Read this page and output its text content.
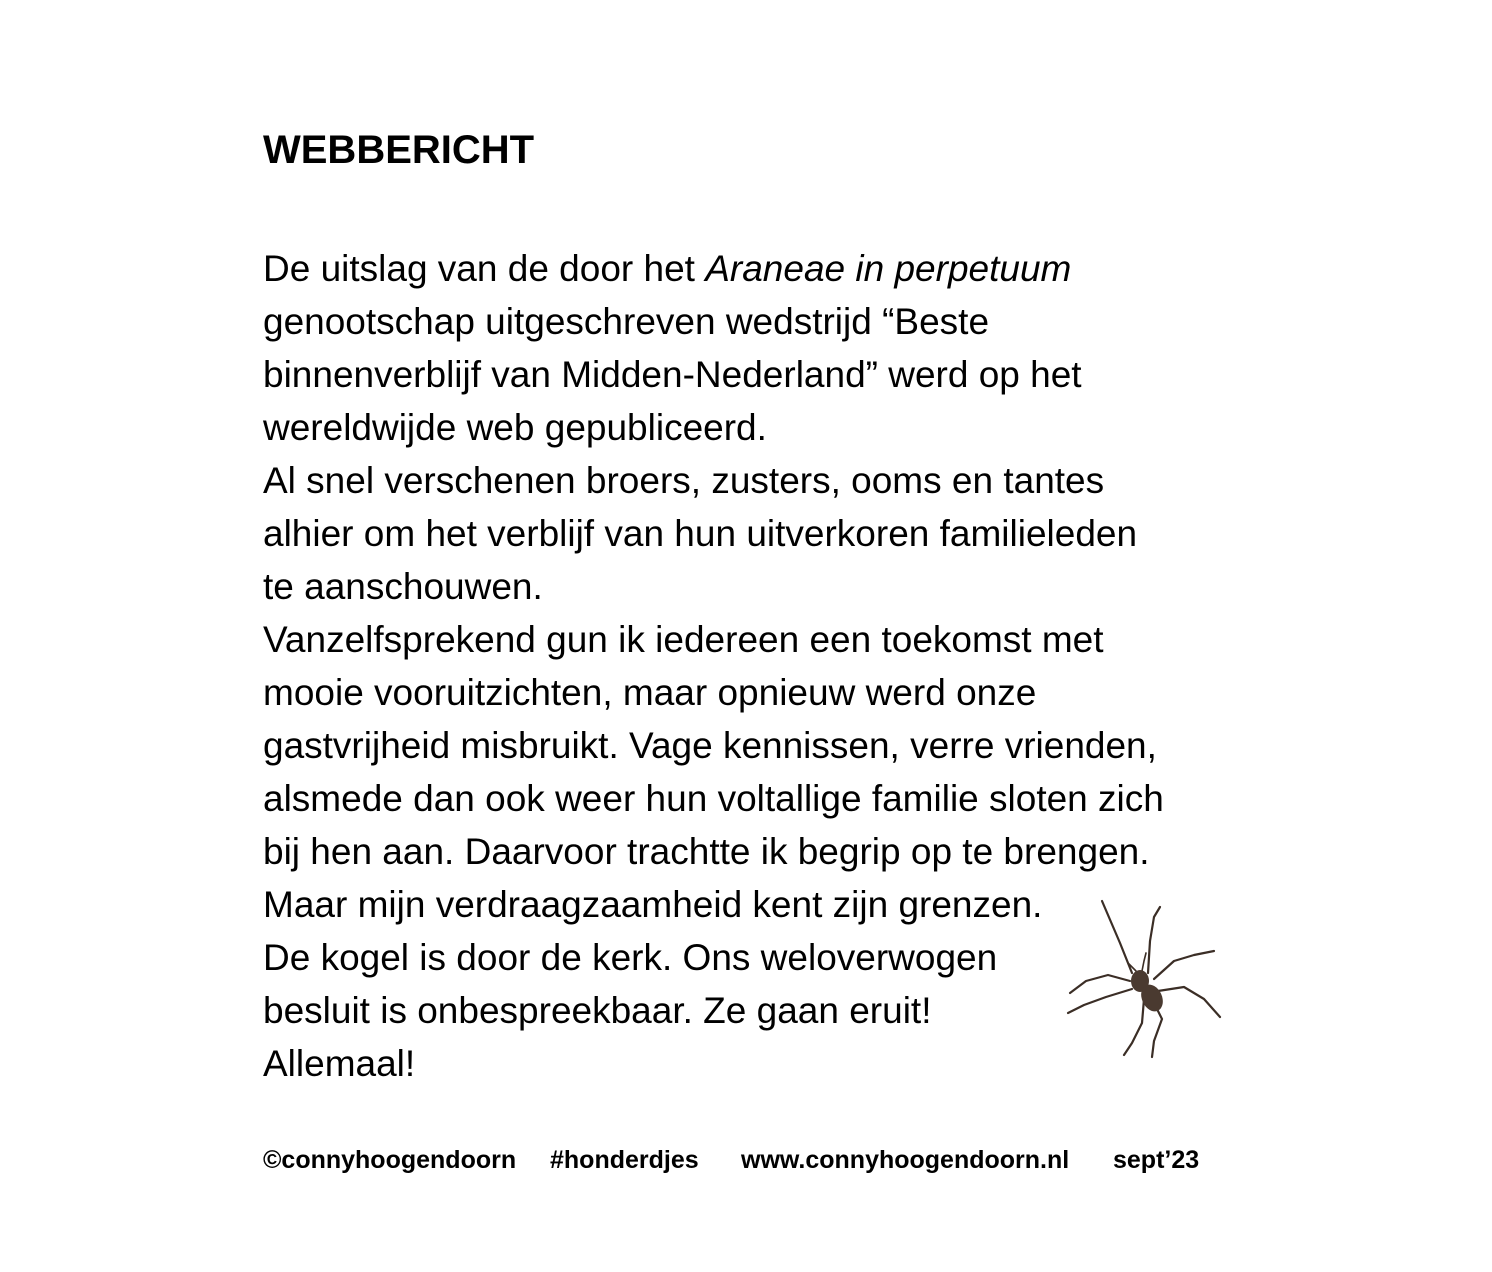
WEBBERICHT
De uitslag van de door het Araneae in perpetuum
genootschap uitgeschreven wedstrijd “Beste
binnenverblijf van Midden-Nederland” werd op het
wereldwijde web gepubliceerd.
Al snel verschenen broers, zusters, ooms en tantes
alhier om het verblijf van hun uitverkoren familieleden
te aanschouwen.
Vanzelfsprekend gun ik iedereen een toekomst met
mooie vooruitzichten, maar opnieuw werd onze
gastvrijheid misbruikt. Vage kennissen, verre vrienden,
alsmede dan ook weer hun voltallige familie sloten zich
bij hen aan. Daarvoor trachtte ik begrip op te brengen.
Maar mijn verdraagzaamheid kent zijn grenzen.
De kogel is door de kerk. Ons weloverwogen
besluit is onbespreekbaar. Ze gaan eruit!
Allemaal!
©connyhoogendoorn #honderdjes www.connyhoogendoorn.nl sept’23
